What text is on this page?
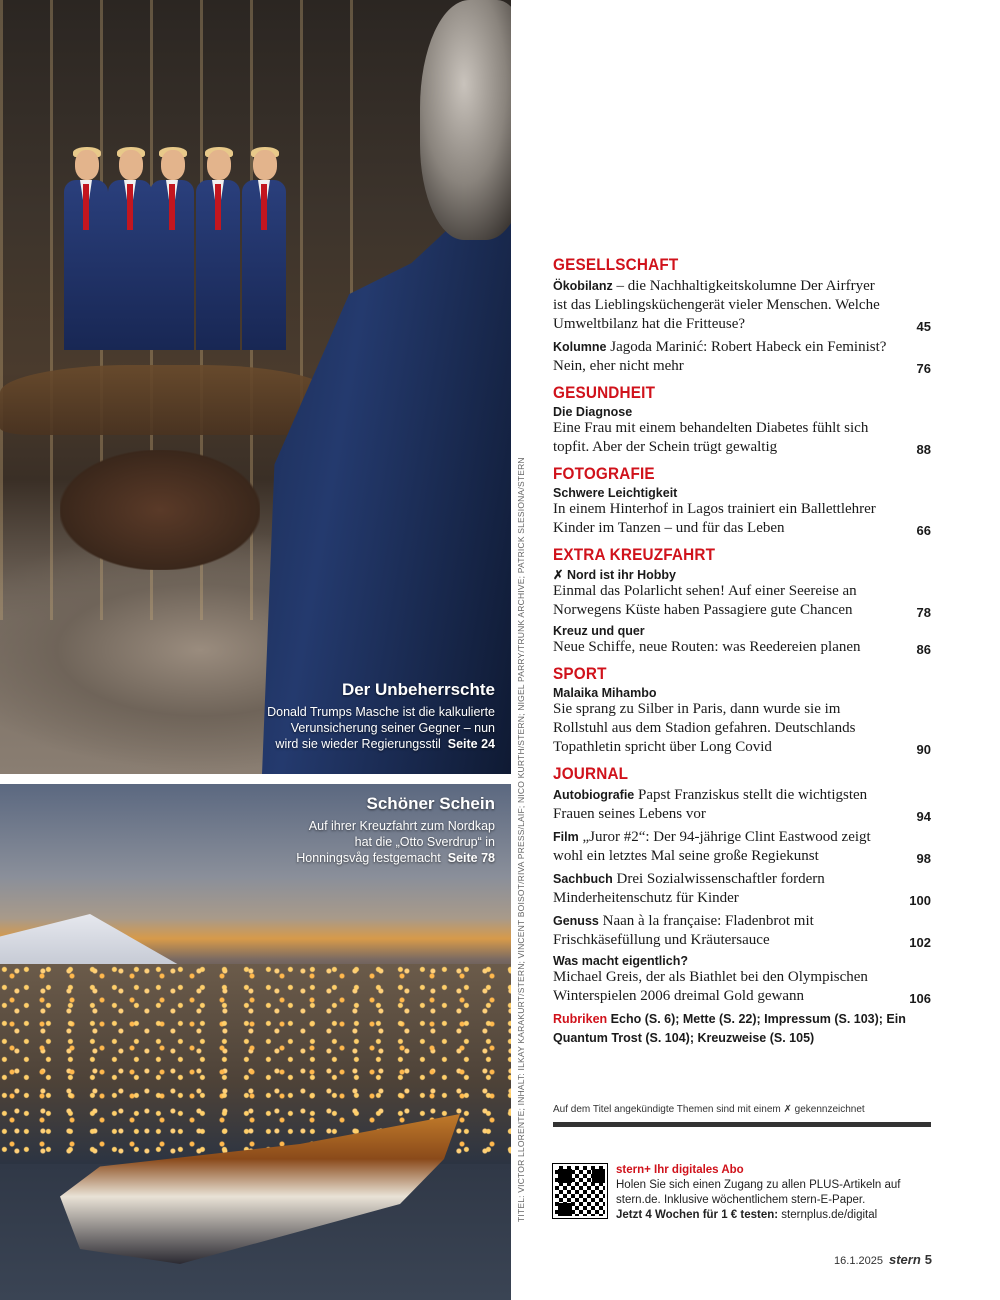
Der Unbeherrschte
Donald Trumps Masche ist die kalkulierte Verunsicherung seiner Gegner – nun wird sie wieder Regierungsstil Seite 24
Schöner Schein
Auf ihrer Kreuzfahrt zum Nordkap hat die „Otto Sverdrup“ in Honningsvåg festgemacht Seite 78 TITEL: VICTOR LLORENTE; INHALT: ILKAY KARAKURT/STERN; VINCENT BOISOT/RIVA PRESS/LAIF; NICO KURTH/STERN; NIGEL PARRY/TRUNK ARCHIVE; PATRICK SLESIONA/STERN
GESELLSCHAFT
Ökobilanz – die Nachhaltigkeitskolumne Der Airfryer ist das Lieblingsküchengerät vieler Menschen. Welche Umweltbilanz hat die Fritteuse?	45
Kolumne Jagoda Marinić: Robert Habeck ein Feminist? Nein, eher nicht mehr	76
GESUNDHEIT
Die Diagnose
Eine Frau mit einem behandelten Diabetes fühlt sich topfit. Aber der Schein trügt gewaltig	88
FOTOGRAFIE
Schwere Leichtigkeit
In einem Hinterhof in Lagos trainiert ein Ballettlehrer Kinder im Tanzen – und für das Leben	66
EXTRA KREUZFAHRT
✗ Nord ist ihr Hobby
Einmal das Polarlicht sehen! Auf einer Seereise an Norwegens Küste haben Passagiere gute Chancen	78
Kreuz und quer
Neue Schiffe, neue Routen: was Reedereien planen	86
SPORT
Malaika Mihambo
Sie sprang zu Silber in Paris, dann wurde sie im Rollstuhl aus dem Stadion gefahren. Deutschlands Topathletin spricht über Long Covid	90
JOURNAL
Autobiografie Papst Franziskus stellt die wichtigsten Frauen seines Lebens vor	94
Film „Juror #2“: Der 94-jährige Clint Eastwood zeigt wohl ein letztes Mal seine große Regiekunst	98
Sachbuch Drei Sozialwissenschaftler fordern Minderheitenschutz für Kinder	100
Genuss Naan à la française: Fladenbrot mit Frischkäsefüllung und Kräutersauce	102
Was macht eigentlich?
Michael Greis, der als Biathlet bei den Olympischen Winterspielen 2006 dreimal Gold gewann	106
Rubriken Echo (S. 6); Mette (S. 22); Impressum (S. 103); Ein Quantum Trost (S. 104); Kreuzweise (S. 105)
Auf dem Titel angekündigte Themen sind mit einem ✗ gekennzeichnet
stern+ Ihr digitales Abo
Holen Sie sich einen Zugang zu allen PLUS-Artikeln auf stern.de. Inklusive wöchentlichem stern-E-Paper.
Jetzt 4 Wochen für 1 € testen: sternplus.de/digital
16.1.2025 stern 5
